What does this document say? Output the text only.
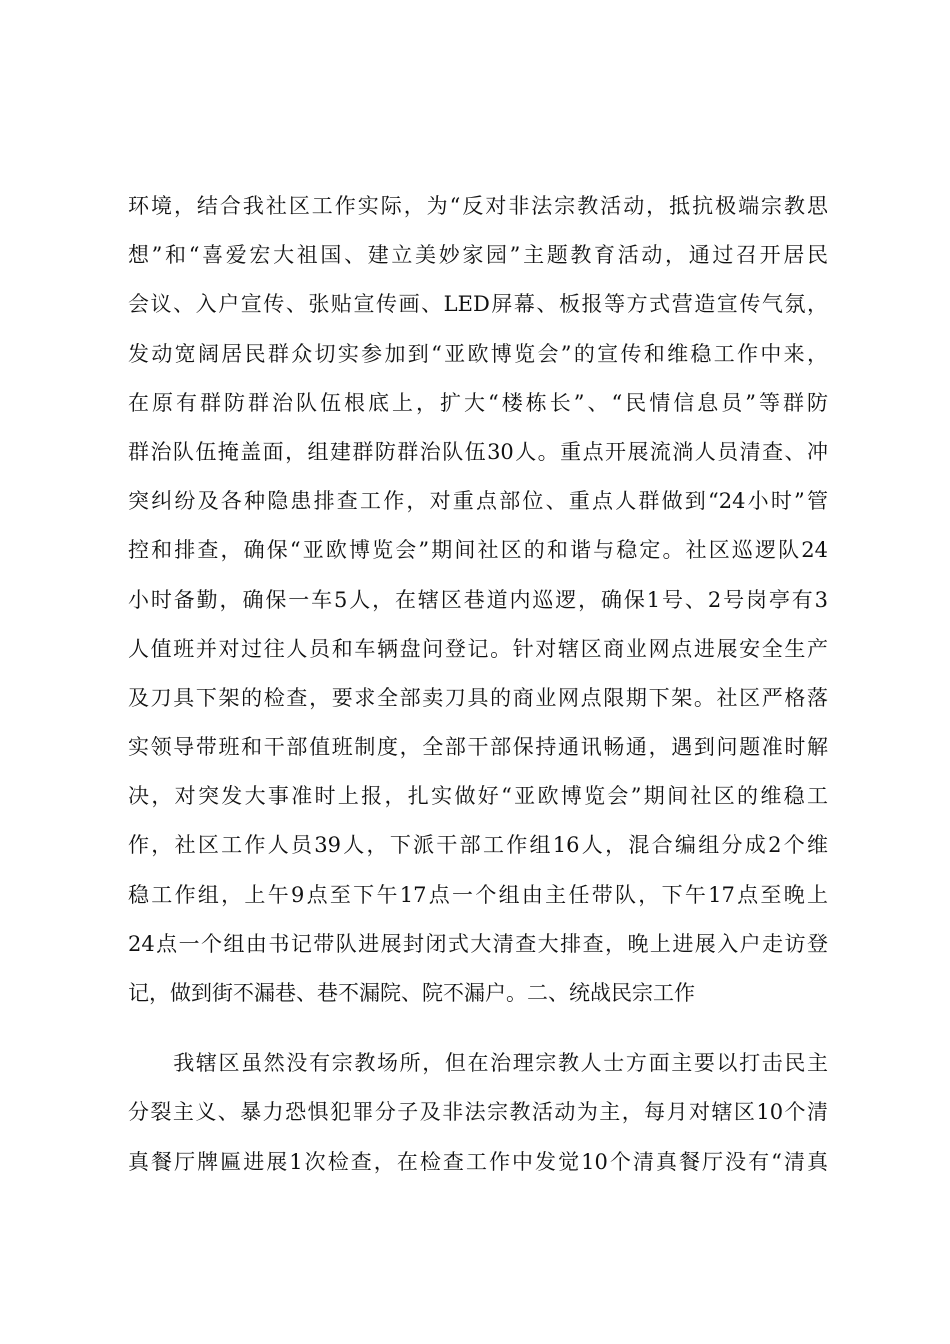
环境，结合我社区工作实际，为“反对非法宗教活动，抵抗极端宗教思
想”和“喜爱宏大祖国、建立美妙家园”主题教育活动，通过召开居民
会议、入户宣传、张贴宣传画、LED屏幕、板报等方式营造宣传气氛，
发动宽阔居民群众切实参加到“亚欧博览会”的宣传和维稳工作中来，
在原有群防群治队伍根底上，扩大“楼栋长”、“民情信息员”等群防
群治队伍掩盖面，组建群防群治队伍30人。重点开展流淌人员清查、冲
突纠纷及各种隐患排查工作，对重点部位、重点人群做到“24小时”管
控和排查，确保“亚欧博览会”期间社区的和谐与稳定。社区巡逻队24
小时备勤，确保一车5人，在辖区巷道内巡逻，确保1号、2号岗亭有3
人值班并对过往人员和车辆盘问登记。针对辖区商业网点进展安全生产
及刀具下架的检查，要求全部卖刀具的商业网点限期下架。社区严格落
实领导带班和干部值班制度，全部干部保持通讯畅通，遇到问题准时解
决，对突发大事准时上报，扎实做好“亚欧博览会”期间社区的维稳工
作，社区工作人员39人，下派干部工作组16人，混合编组分成2个维
稳工作组，上午9点至下午17点一个组由主任带队，下午17点至晚上
24点一个组由书记带队进展封闭式大清查大排查，晚上进展入户走访登
记，做到街不漏巷、巷不漏院、院不漏户。二、统战民宗工作
　　我辖区虽然没有宗教场所，但在治理宗教人士方面主要以打击民主
分裂主义、暴力恐惧犯罪分子及非法宗教活动为主，每月对辖区10个清
真餐厅牌匾进展1次检查，在检查工作中发觉10个清真餐厅没有“清真
